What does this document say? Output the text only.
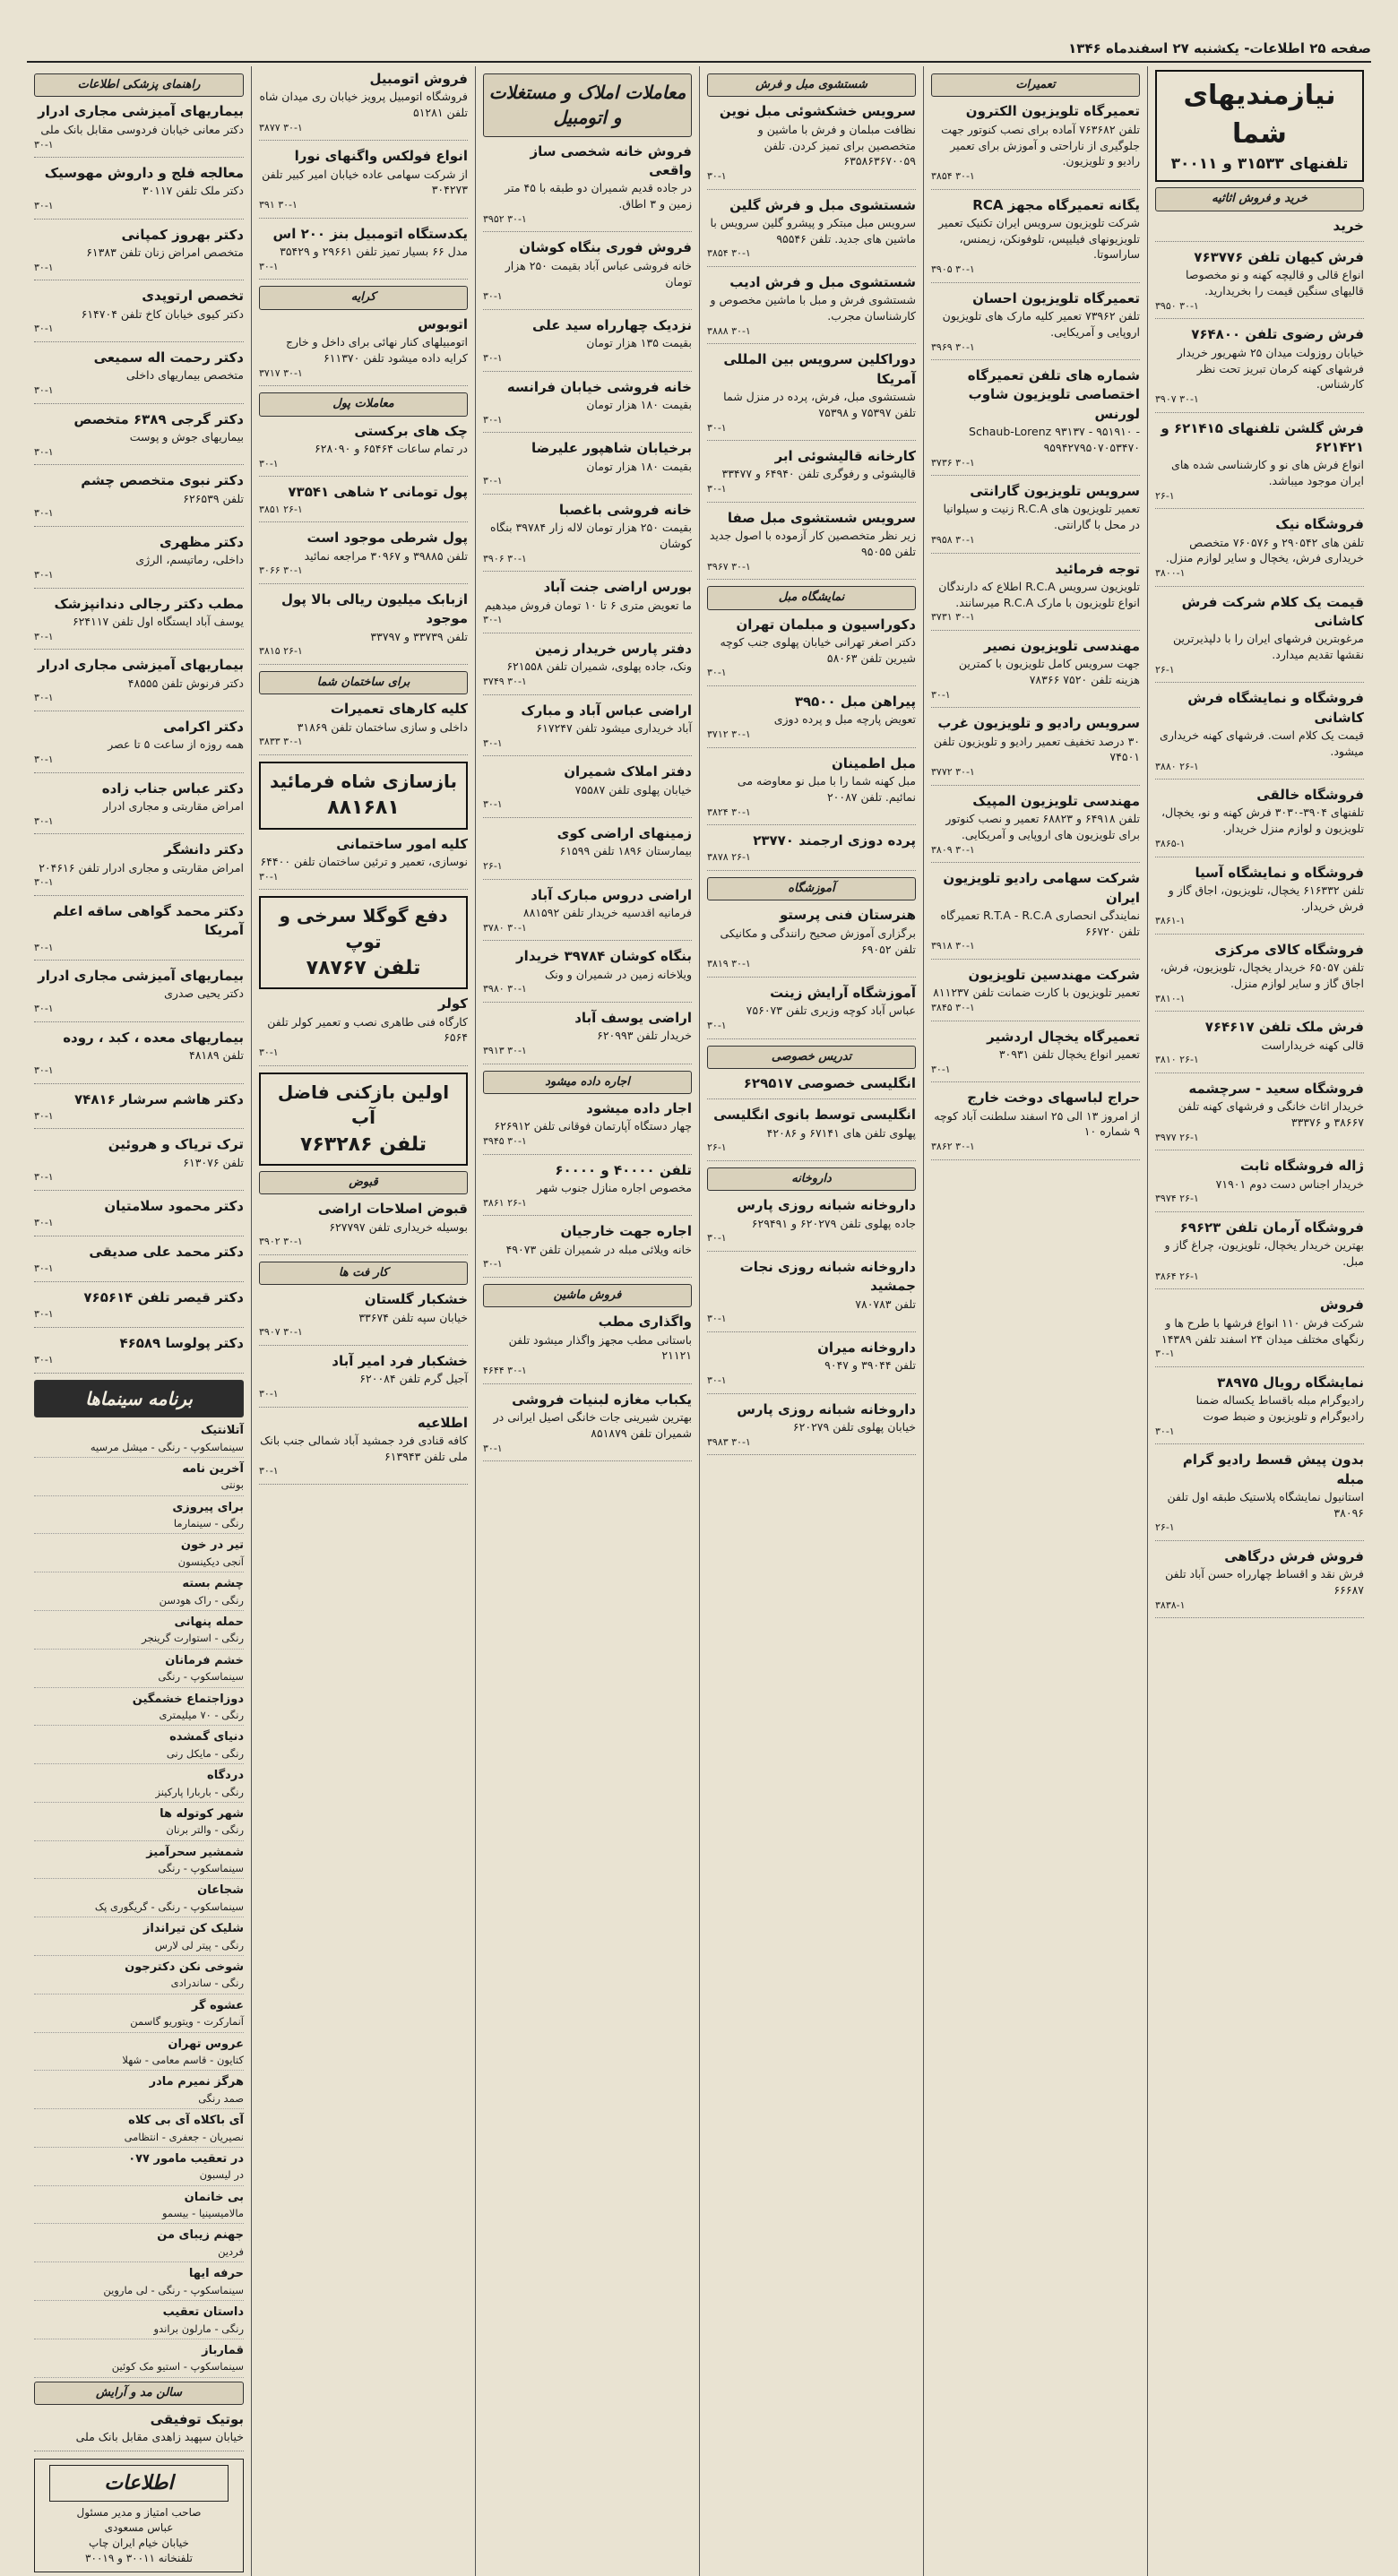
صفحه ۲۵ اطلاعات- یکشنبه ۲۷ اسفندماه ۱۳۴۶
نیازمندیهای شما
تلفنهای ۳۱۵۳۳ و ۳۰۰۱۱
خرید و فروش اثاثیه
خرید
فرش کیهان تلفن ۷۶۳۷۷۶
انواع قالی و قالیچه کهنه و نو مخصوصا قالیهای سنگین قیمت را بخریدارید.
۳۰-۱ ۳۹۵۰
فرش رضوی تلفن ۷۶۴۸۰۰
خیابان روزولت میدان ۲۵ شهریور خریدار فرشهای کهنه کرمان تبریز تحت نظر کارشناس.
۳۰-۱ ۳۹۰۷
فرش گلشن تلفنهای ۶۲۱۴۱۵ و ۶۲۱۴۲۱
انواع فرش های نو و کارشناسی شده های ایران موجود میباشد.
۲۶-۱
فروشگاه نیک
تلفن های ۲۹۰۵۴۲ و ۷۶۰۵۷۶ متخصص خریداری فرش، یخچال و سایر لوازم منزل.
۳۸۰۰-۱
قیمت یک کلام شرکت فرش کاشانی
مرغوبترین فرشهای ایران را با دلپذیرترین نقشها تقدیم میدارد.
۲۶-۱
فروشگاه و نمایشگاه فرش کاشانی
قیمت یک کلام است. فرشهای کهنه خریداری میشود.
۲۶-۱ ۳۸۸۰
فروشگاه خالقی
تلفنهای ۳۹۰۴-۳۰۳۰ فرش کهنه و نو، یخچال، تلویزیون و لوازم منزل خریدار.
۳۸۶۵-۱
فروشگاه و نمایشگاه آسیا
تلفن ۶۱۶۳۳۲ یخچال، تلویزیون، اجاق گاز و فرش خریدار.
۳۸۶۱-۱
فروشگاه کالای مرکزی
تلفن ۶۵۰۵۷ خریدار یخچال، تلویزیون، فرش، اجاق گاز و سایر لوازم منزل.
۳۸۱۰-۱
فرش ملک تلفن ۷۶۴۶۱۷
قالی کهنه خریداراست
۲۶-۱ ۳۸۱۰
فروشگاه سعید - سرچشمه
خریدار اثاث خانگی و فرشهای کهنه تلفن ۳۸۶۶۷ و ۳۳۳۷۶
۲۶-۱ ۳۹۷۷
ژاله فروشگاه ثابت
خریدار اجناس دست دوم ۷۱۹۰۱
۲۶-۱ ۳۹۷۴
فروشگاه آرمان تلفن ۶۹۶۲۳
بهترین خریدار یخچال، تلویزیون، چراغ گاز و مبل.
۲۶-۱ ۳۸۶۴
فروش
شرکت فرش ۱۱۰ انواع فرشها با طرح ها و رنگهای مختلف میدان ۲۴ اسفند تلفن ۱۴۳۸۹
۳۰-۱
نمایشگاه رویال ۳۸۹۷۵
رادیوگرام مبله باقساط یکساله ضمنا رادیوگرام و تلویزیون و ضبط صوت
۳۰-۱
بدون پیش قسط رادیو گرام مبله
استانیول نمایشگاه پلاستیک طبقه اول تلفن ۳۸۰۹۶
۲۶-۱
فروش فرش درگاهی
فرش نقد و اقساط چهارراه حسن آباد تلفن ۶۶۶۸۷
۳۸۳۸-۱
تعمیرات
تعمیرگاه تلویزیون الکترون
تلفن ۷۶۳۶۸۲ آماده برای نصب کنوتور جهت جلوگیری از ناراحتی و آموزش برای تعمیر رادیو و تلویزیون.
۳۰-۱ ۳۸۵۴
یگانه تعمیرگاه مجهز RCA
شرکت تلویزیون سرویس ایران تکنیک تعمیر تلویزیونهای فیلیپس، تلوفونکن، زیمنس، ساراسوتا.
۳۰-۱ ۳۹۰۵
تعمیرگاه تلویزیون احسان
تلفن ۷۳۹۶۲ تعمیر کلیه مارک های تلویزیون اروپایی و آمریکایی.
۳۰-۱ ۳۹۶۹
شماره های تلفن تعمیرگاه اختصاصی تلویزیون شاوب لورنس
Schaub-Lorenz ۹۳۱۳۷ - ۹۵۱۹۱۰ - ۹۵۹۴۲۷۹۵۰۷۰۵۳۴۷۰
۳۰-۱ ۳۷۳۶
سرویس تلویزیون گارانتی
تعمیر تلویزیون های R.C.A زنیت و سیلوانیا در محل با گارانتی.
۳۰-۱ ۳۹۵۸
توجه فرمائید
تلویزیون سرویس R.C.A اطلاع که دارندگان انواع تلویزیون با مارک R.C.A میرسانند.
۳۰-۱ ۳۷۳۱
مهندسی تلویزیون نصیر
جهت سرویس کامل تلویزیون با کمترین هزینه تلفن ۷۵۲۰ ۷۸۳۶۶
۳۰-۱
سرویس رادیو و تلویزیون غرب
۳۰ درصد تخفیف تعمیر رادیو و تلویزیون تلفن ۷۴۵۰۱
۳۰-۱ ۳۷۷۲
مهندسی تلویزیون المپیک
تلفن ۶۴۹۱۸ و ۶۸۸۲۳ تعمیر و نصب کنوتور برای تلویزیون های اروپایی و آمریکایی.
۳۰-۱ ۳۸۰۹
شرکت سهامی رادیو تلویزیون ایران
نمایندگی انحصاری R.T.A - R.C.A تعمیرگاه تلفن ۶۶۷۲۰
۳۰-۱ ۳۹۱۸
شرکت مهندسین تلویزیون
تعمیر تلویزیون با کارت ضمانت تلفن ۸۱۱۲۳۷
۳۰-۱ ۳۸۴۵
تعمیرگاه یخچال اردشیر
تعمیر انواع یخچال تلفن ۳۰۹۳۱
۳۰-۱
حراج لباسهای دوخت خارج
از امروز ۱۳ الی ۲۵ اسفند سلطنت آباد کوچه ۹ شماره ۱۰
۳۰-۱ ۳۸۶۲
شستشوی مبل و فرش
سرویس خشکشوئی مبل نوین
نظافت مبلمان و فرش با ماشین و متخصصین برای تمیز کردن. تلفن ۶۳۵۸۶۳۶۷۰۰۵۹
۳۰-۱
شستشوی مبل و فرش گلین
سرویس مبل مبتکر و پیشرو گلین سرویس با ماشین های جدید. تلفن ۹۵۵۴۶
۳۰-۱ ۳۸۵۴
شستشوی مبل و فرش ادیب
شستشوی فرش و مبل با ماشین مخصوص و کارشناسان مجرب.
۳۰-۱ ۳۸۸۸
دوراکلین سرویس بین المللی آمریکا
شستشوی مبل، فرش، پرده در منزل شما تلفن ۷۵۳۹۷ و ۷۵۳۹۸
۳۰-۱
کارخانه قالیشوئی ابر
قالیشوئی و رفوگری تلفن ۶۴۹۴۰ و ۳۳۴۷۷
۳۰-۱
سرویس شستشوی مبل صفا
زیر نظر متخصصین کار آزموده با اصول جدید تلفن ۹۵۰۵۵
۳۰-۱ ۳۹۶۷
نمایشگاه مبل
دکوراسیون و مبلمان تهران
دکتر اصغر تهرانی خیابان پهلوی جنب کوچه شیرین تلفن ۵۸۰۶۳
۳۰-۱
پیراهن مبل ۳۹۵۰۰
تعویض پارچه مبل و پرده دوزی
۳۰-۱ ۳۷۱۲
مبل اطمینان
مبل کهنه شما را با مبل نو معاوضه می نمائیم. تلفن ۲۰۰۸۷
۳۰-۱ ۳۸۲۴
پرده دوزی ارجمند ۲۳۷۷۰
۲۶-۱ ۳۸۷۸
آموزشگاه
هنرستان فنی پرستو
برگزاری آموزش صحیح رانندگی و مکانیکی تلفن ۶۹۰۵۲
۳۰-۱ ۳۸۱۹
آموزشگاه آرایش زینت
عباس آباد کوچه وزیری تلفن ۷۵۶۰۷۳
۳۰-۱
تدریس خصوصی
انگلیسی خصوصی ۶۲۹۵۱۷
انگلیسی توسط بانوی انگلیسی
پهلوی تلفن های ۶۷۱۴۱ و ۴۲۰۸۶
۲۶-۱
داروخانه
داروخانه شبانه روزی پارس
جاده پهلوی تلفن ۶۲۰۲۷۹ و ۶۲۹۴۹۱
۳۰-۱
داروخانه شبانه روزی نجات جمشید
تلفن ۷۸۰۷۸۳
۳۰-۱
داروخانه میران
تلفن ۳۹۰۴۴ و ۹۰۴۷
۳۰-۱
داروخانه شبانه روزی پارس
خیابان پهلوی تلفن ۶۲۰۲۷۹
۳۰-۱ ۳۹۸۳
معاملات املاک و مستغلات و اتومبیل
فروش خانه شخصی ساز واقعی
در جاده قدیم شمیران دو طبقه با ۴۵ متر زمین و ۳ اطاق.
۳۰-۱ ۳۹۵۲
فروش فوری بنگاه کوشان
خانه فروشی عباس آباد بقیمت ۲۵۰ هزار تومان
۳۰-۱
نزدیک چهارراه سید علی
بقیمت ۱۳۵ هزار تومان
۳۰-۱
خانه فروشی خیابان فرانسه
بقیمت ۱۸۰ هزار تومان
۳۰-۱
برخیابان شاهپور علیرضا
بقیمت ۱۸۰ هزار تومان
۳۰-۱
خانه فروشی باغصبا
بقیمت ۲۵۰ هزار تومان لاله زار ۳۹۷۸۴ بنگاه کوشان
۳۰-۱ ۳۹۰۶
بورس اراضی جنت آباد
ما تعویض متری ۶ تا ۱۰ تومان فروش میدهیم
۳۰-۱
دفتر پارس خریدار زمین
ونک، جاده پهلوی، شمیران تلفن ۶۲۱۵۵۸
۳۰-۱ ۳۷۴۹
اراضی عباس آباد و مبارک
آباد خریداری میشود تلفن ۶۱۷۲۴۷
۳۰-۱
دفتر املاک شمیران
خیابان پهلوی تلفن ۷۵۵۸۷
۳۰-۱
زمینهای اراضی کوی
بیمارستان ۱۸۹۶ تلفن ۶۱۵۹۹
۲۶-۱
اراضی دروس مبارک آباد
فرمانیه اقدسیه خریدار تلفن ۸۸۱۵۹۲
۳۰-۱ ۳۷۸۰
بنگاه کوشان ۳۹۷۸۴ خریدار
ویلاخانه زمین در شمیران و ونک
۳۰-۱ ۳۹۸۰
اراضی یوسف آباد
خریدار تلفن ۶۲۰۹۹۳
۳۰-۱ ۳۹۱۳
اجاره داده میشود
اجار داده میشود
چهار دستگاه آپارتمان فوقانی تلفن ۶۲۶۹۱۲
۳۰-۱ ۳۹۴۵
تلفن ۴۰۰۰۰ و ۶۰۰۰۰
مخصوص اجاره منازل جنوب شهر
۲۶-۱ ۳۸۶۱
اجاره جهت خارجیان
خانه ویلائی مبله در شمیران تلفن ۴۹۰۷۳
۳۰-۱
فروش ماشین
واگذاری مطب
باستانی مطب مجهز واگذار میشود تلفن ۲۱۱۲۱
۳۰-۱ ۴۶۴۴
یکباب مغازه لبنیات فروشی
بهترین شیرینی جات خانگی اصیل ایرانی در شمیران تلفن ۸۵۱۸۷۹
۳۰-۱
فروش اتومبیل
فروشگاه اتومبیل پرویز خیابان ری میدان شاه تلفن ۵۱۲۸۱
۳۰-۱ ۳۸۷۷
انواع فولکس واگنهای نورا
از شرکت سهامی عاده خیابان امیر کبیر تلفن ۳۰۴۲۷۳
۳۰-۱ ۳۹۱
یکدستگاه اتومبیل بنز ۲۰۰ اس
مدل ۶۶ بسیار تمیز تلفن ۲۹۶۶۱ و ۳۵۴۲۹
۳۰-۱
کرایه
اتوبوس
اتومبیلهای کنار نهائی برای داخل و خارج کرایه داده میشود تلفن ۶۱۱۳۷۰
۳۰-۱ ۳۷۱۷
معاملات پول
چک های برکستی
در تمام ساعات ۶۵۴۶۴ و ۶۲۸۰۹۰
۳۰-۱
پول تومانی ۲ شاهی ۷۳۵۴۱
۲۶-۱ ۳۸۵۱
پول شرطی موجود است
تلفن ۳۹۸۸۵ و ۳۰۹۶۷ مراجعه نمائید
۳۰-۱ ۳۰۶۶
ازبابک میلیون ریالی بالا پول موجود
تلفن ۳۳۷۳۹ و ۳۳۷۹۷
۲۶-۱ ۳۸۱۵
برای ساختمان شما
کلیه کارهای تعمیرات
داخلی و سازی ساختمان تلفن ۳۱۸۶۹
۳۰-۱ ۳۸۳۳
بازسازی شاه فرمائید
۸۸۱۶۸۱
کلیه امور ساختمانی
نوسازی، تعمیر و ترئین ساختمان تلفن ۶۴۴۰۰
۳۰-۱
دفع گوگلا سرخی و توپ
تلفن ۷۸۷۶۷
کولر
کارگاه فنی طاهری نصب و تعمیر کولر تلفن ۶۵۶۴
۳۰-۱
اولین بازکنی فاضل آب
تلفن ۷۶۳۲۸۶
قبوض
قبوض اصلاحات اراضی
بوسیله خریداری تلفن ۶۲۷۷۹۷
۳۰-۱ ۳۹۰۲
کار فت ها
خشکبار گلستان
خیابان سپه تلفن ۳۳۶۷۴
۳۰-۱ ۳۹۰۷
خشکبار فرد امیر آباد
آجیل گرم تلفن ۶۲۰۰۸۴
۳۰-۱
اطلاعیه
کافه قنادی فرد جمشید آباد شمالی جنب بانک ملی تلفن ۶۱۳۹۴۳
۳۰-۱
راهنمای پزشکی اطلاعات
بیماریهای آمیزشی مجاری ادرار
دکتر معانی خیابان فردوسی مقابل بانک ملی
۳۰-۱
معالجه فلج و داروش مهوسیک
دکتر ملک تلفن ۳۰۱۱۷
۳۰-۱
دکتر بهروز کمپانی
متخصص امراض زنان تلفن ۶۱۳۸۳
۳۰-۱
تخصص ارتوپدی
دکتر کیوی خیابان کاخ تلفن ۶۱۴۷۰۴
۳۰-۱
دکتر رحمت اله سمیعی
متخصص بیماریهای داخلی
۳۰-۱
دکتر گرجی ۶۳۸۹ متخصص
بیماریهای جوش و پوست
۳۰-۱
دکتر نبوی متخصص چشم
تلفن ۶۲۶۵۳۹
۳۰-۱
دکتر مظهری
داخلی، رماتیسم، الرژی
۳۰-۱
مطب دکتر رجالی دندانپزشک
یوسف آباد ایستگاه اول تلفن ۶۲۴۱۱۷
۳۰-۱
بیماریهای آمیزشی مجاری ادرار
دکتر فرنوش تلفن ۴۸۵۵۵
۳۰-۱
دکتر اکرامی
همه روزه از ساعت ۵ تا عصر
۳۰-۱
دکتر عباس جناب زاده
امراض مقاربتی و مجاری ادرار
۳۰-۱
دکتر دانشگر
امراض مقاربتی و مجاری ادرار تلفن ۲۰۴۶۱۶
۳۰-۱
دکتر محمد گواهی ساقه اعلم آمریکا
۳۰-۱
بیماریهای آمیزشی مجاری ادرار
دکتر یحیی صدری
۳۰-۱
بیماریهای معده ، کبد ، روده
تلفن ۴۸۱۸۹
۳۰-۱
دکتر هاشم سرشار ۷۴۸۱۶
۳۰-۱
ترک تریاک و هروئین
تلفن ۶۱۳۰۷۶
۳۰-۱
دکتر محمود سلامتیان
۳۰-۱
دکتر محمد علی صدیقی
۳۰-۱
دکتر قیصر تلفن ۷۶۵۶۱۴
۳۰-۱
دکتر پولوسا ۴۶۵۸۹
۳۰-۱
برنامه سینماها
آتلانتیک
سینماسکوپ - رنگی - میشل مرسیه
آخرین نامه
بونتی
برای پیروزی
رنگی - سینمارما
تیر در خون
آنجی دیکینسون
چشم بسته
رنگی - راک هودسن
حمله پنهانی
رنگی - استوارت گرینجر
خشم فرمانان
سینماسکوپ - رنگی
دوزاجتماع خشمگین
رنگی - ۷۰ میلیمتری
دنیای گمشده
رنگی - مایکل رنی
دردگاه
رنگی - باربارا پارکینز
شهر کوتوله ها
رنگی - والتر برنان
شمشیر سحرآمیز
سینماسکوپ - رنگی
شجاعان
سینماسکوپ - رنگی - گریگوری پک
شلیک کن تیرانداز
رنگی - پیتر لی لارس
شوخی نکن دکترجون
رنگی - ساندرادی
عشوه گر
آنمارکرت - ویتوریو گاسمن
عروس تهران
کتایون - قاسم معامی - شهلا
هرگز نمیرم مادر
صمد رنگی
آی باکلاه آی بی کلاه
نصیریان - جعفری - انتظامی
در تعقیب مامور ۰۷۷
در لیسبون
بی خانمان
مالامیسینیا - بیسمو
جهنم زیبای من
فردین
حرفه ایها
سینماسکوپ - رنگی - لی ماروین
داستان تعقیب
رنگی - مارلون براندو
قمارباز
سینماسکوپ - استیو مک کوئین
سالن مد و آرایش
بوتیک توفیقی
خیابان سپهبد زاهدی مقابل بانک ملی
اطلاعات
صاحب امتیاز و مدیر مسئول
عباس مسعودی
خیابان خیام ایران چاپ
تلفنخانه ۳۰۰۱۱ و ۳۰۰۱۹
